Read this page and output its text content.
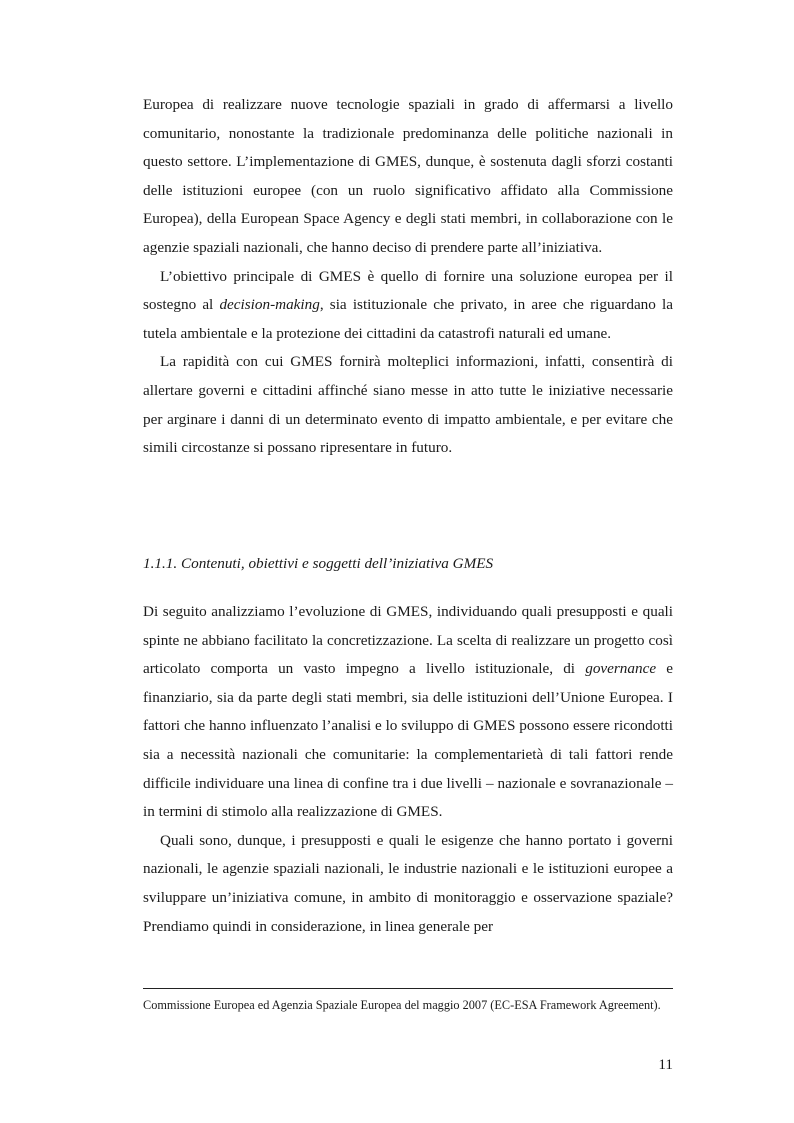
Europea di realizzare nuove tecnologie spaziali in grado di affermarsi a livello comunitario, nonostante la tradizionale predominanza delle politiche nazionali in questo settore. L’implementazione di GMES, dunque, è sostenuta dagli sforzi costanti delle istituzioni europee (con un ruolo significativo affidato alla Commissione Europea), della European Space Agency e degli stati membri, in collaborazione con le agenzie spaziali nazionali, che hanno deciso di prendere parte all’iniziativa.

L’obiettivo principale di GMES è quello di fornire una soluzione europea per il sostegno al decision-making, sia istituzionale che privato, in aree che riguardano la tutela ambientale e la protezione dei cittadini da catastrofi naturali ed umane.

La rapidità con cui GMES fornirà molteplici informazioni, infatti, consentirà di allertare governi e cittadini affinché siano messe in atto tutte le iniziative necessarie per arginare i danni di un determinato evento di impatto ambientale, e per evitare che simili circostanze si possano ripresentare in futuro.

1.1.1. Contenuti, obiettivi e soggetti dell’iniziativa GMES

Di seguito analizziamo l’evoluzione di GMES, individuando quali presupposti e quali spinte ne abbiano facilitato la concretizzazione. La scelta di realizzare un progetto così articolato comporta un vasto impegno a livello istituzionale, di governance e finanziario, sia da parte degli stati membri, sia delle istituzioni dell’Unione Europea. I fattori che hanno influenzato l’analisi e lo sviluppo di GMES possono essere ricondotti sia a necessità nazionali che comunitarie: la complementarietà di tali fattori rende difficile individuare una linea di confine tra i due livelli – nazionale e sovranazionale – in termini di stimolo alla realizzazione di GMES.

Quali sono, dunque, i presupposti e quali le esigenze che hanno portato i governi nazionali, le agenzie spaziali nazionali, le industrie nazionali e le istituzioni europee a sviluppare un’iniziativa comune, in ambito di monitoraggio e osservazione spaziale? Prendiamo quindi in considerazione, in linea generale per

Commissione Europea ed Agenzia Spaziale Europea del maggio 2007 (EC-ESA Framework Agreement).

11
